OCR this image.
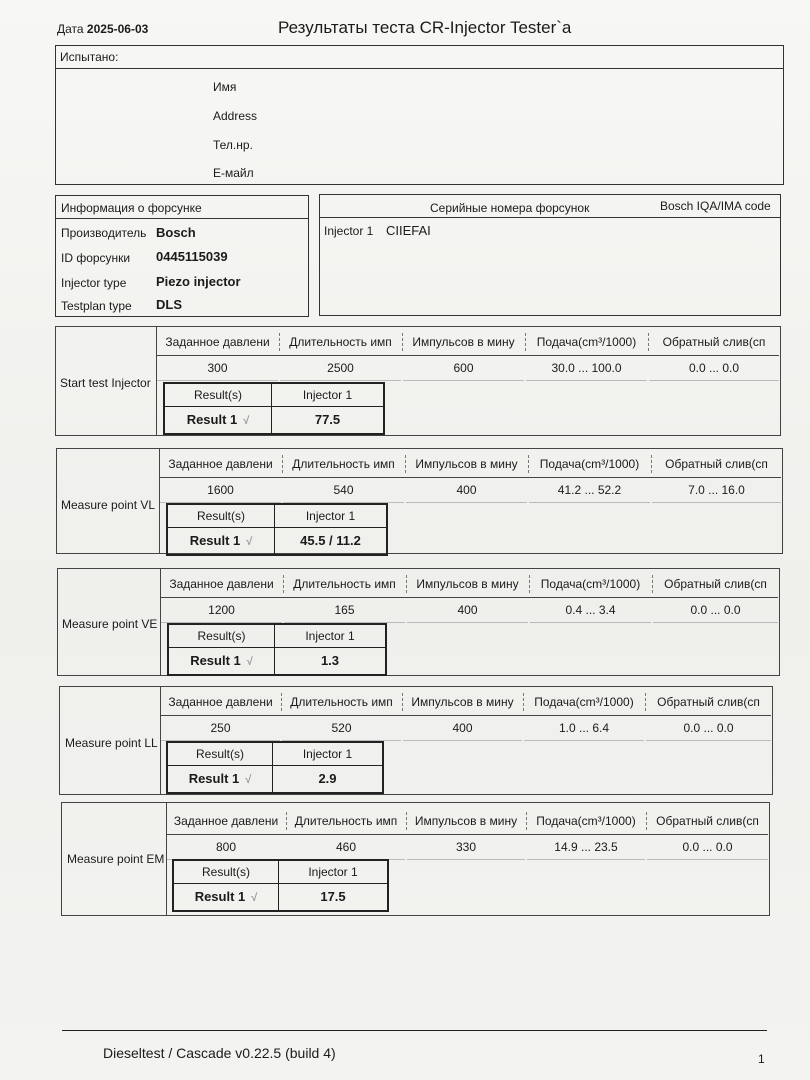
Дата 2025-06-03	Результаты теста CR-Injector Tester`a
Испытано:
Имя
Address
Тел.нр.
Е-майл
Информация о форсунке
Производитель Bosch
ID форсунки 0445115039
Injector type Piezo injector
Testplan type DLS
Серийные номера форсунок	Bosch IQA/IMA code
Injector 1 CIIEFAI
Start test Injector
Заданное давлени	Длительность имп	Импульсов в мину	Подача(cm³/1000)	Обратный слив(сп
300	2500	600	30.0 ... 100.0	0.0 ... 0.0
Result(s)	Injector 1
Result 1 √	77.5
Measure point VL
Заданное давлени	Длительность имп	Импульсов в мину	Подача(cm³/1000)	Обратный слив(сп
1600	540	400	41.2 ... 52.2	7.0 ... 16.0
Result(s)	Injector 1
Result 1 √	45.5 / 11.2
Measure point VE
Заданное давлени	Длительность имп	Импульсов в мину	Подача(cm³/1000)	Обратный слив(сп
1200	165	400	0.4 ... 3.4	0.0 ... 0.0
Result(s)	Injector 1
Result 1 √	1.3
Measure point LL
Заданное давлени	Длительность имп	Импульсов в мину	Подача(cm³/1000)	Обратный слив(сп
250	520	400	1.0 ... 6.4	0.0 ... 0.0
Result(s)	Injector 1
Result 1 √	2.9
Measure point EM
Заданное давлени	Длительность имп	Импульсов в мину	Подача(cm³/1000)	Обратный слив(сп
800	460	330	14.9 ... 23.5	0.0 ... 0.0
Result(s)	Injector 1
Result 1 √	17.5
Dieseltest / Cascade v0.22.5 (build 4)	1
